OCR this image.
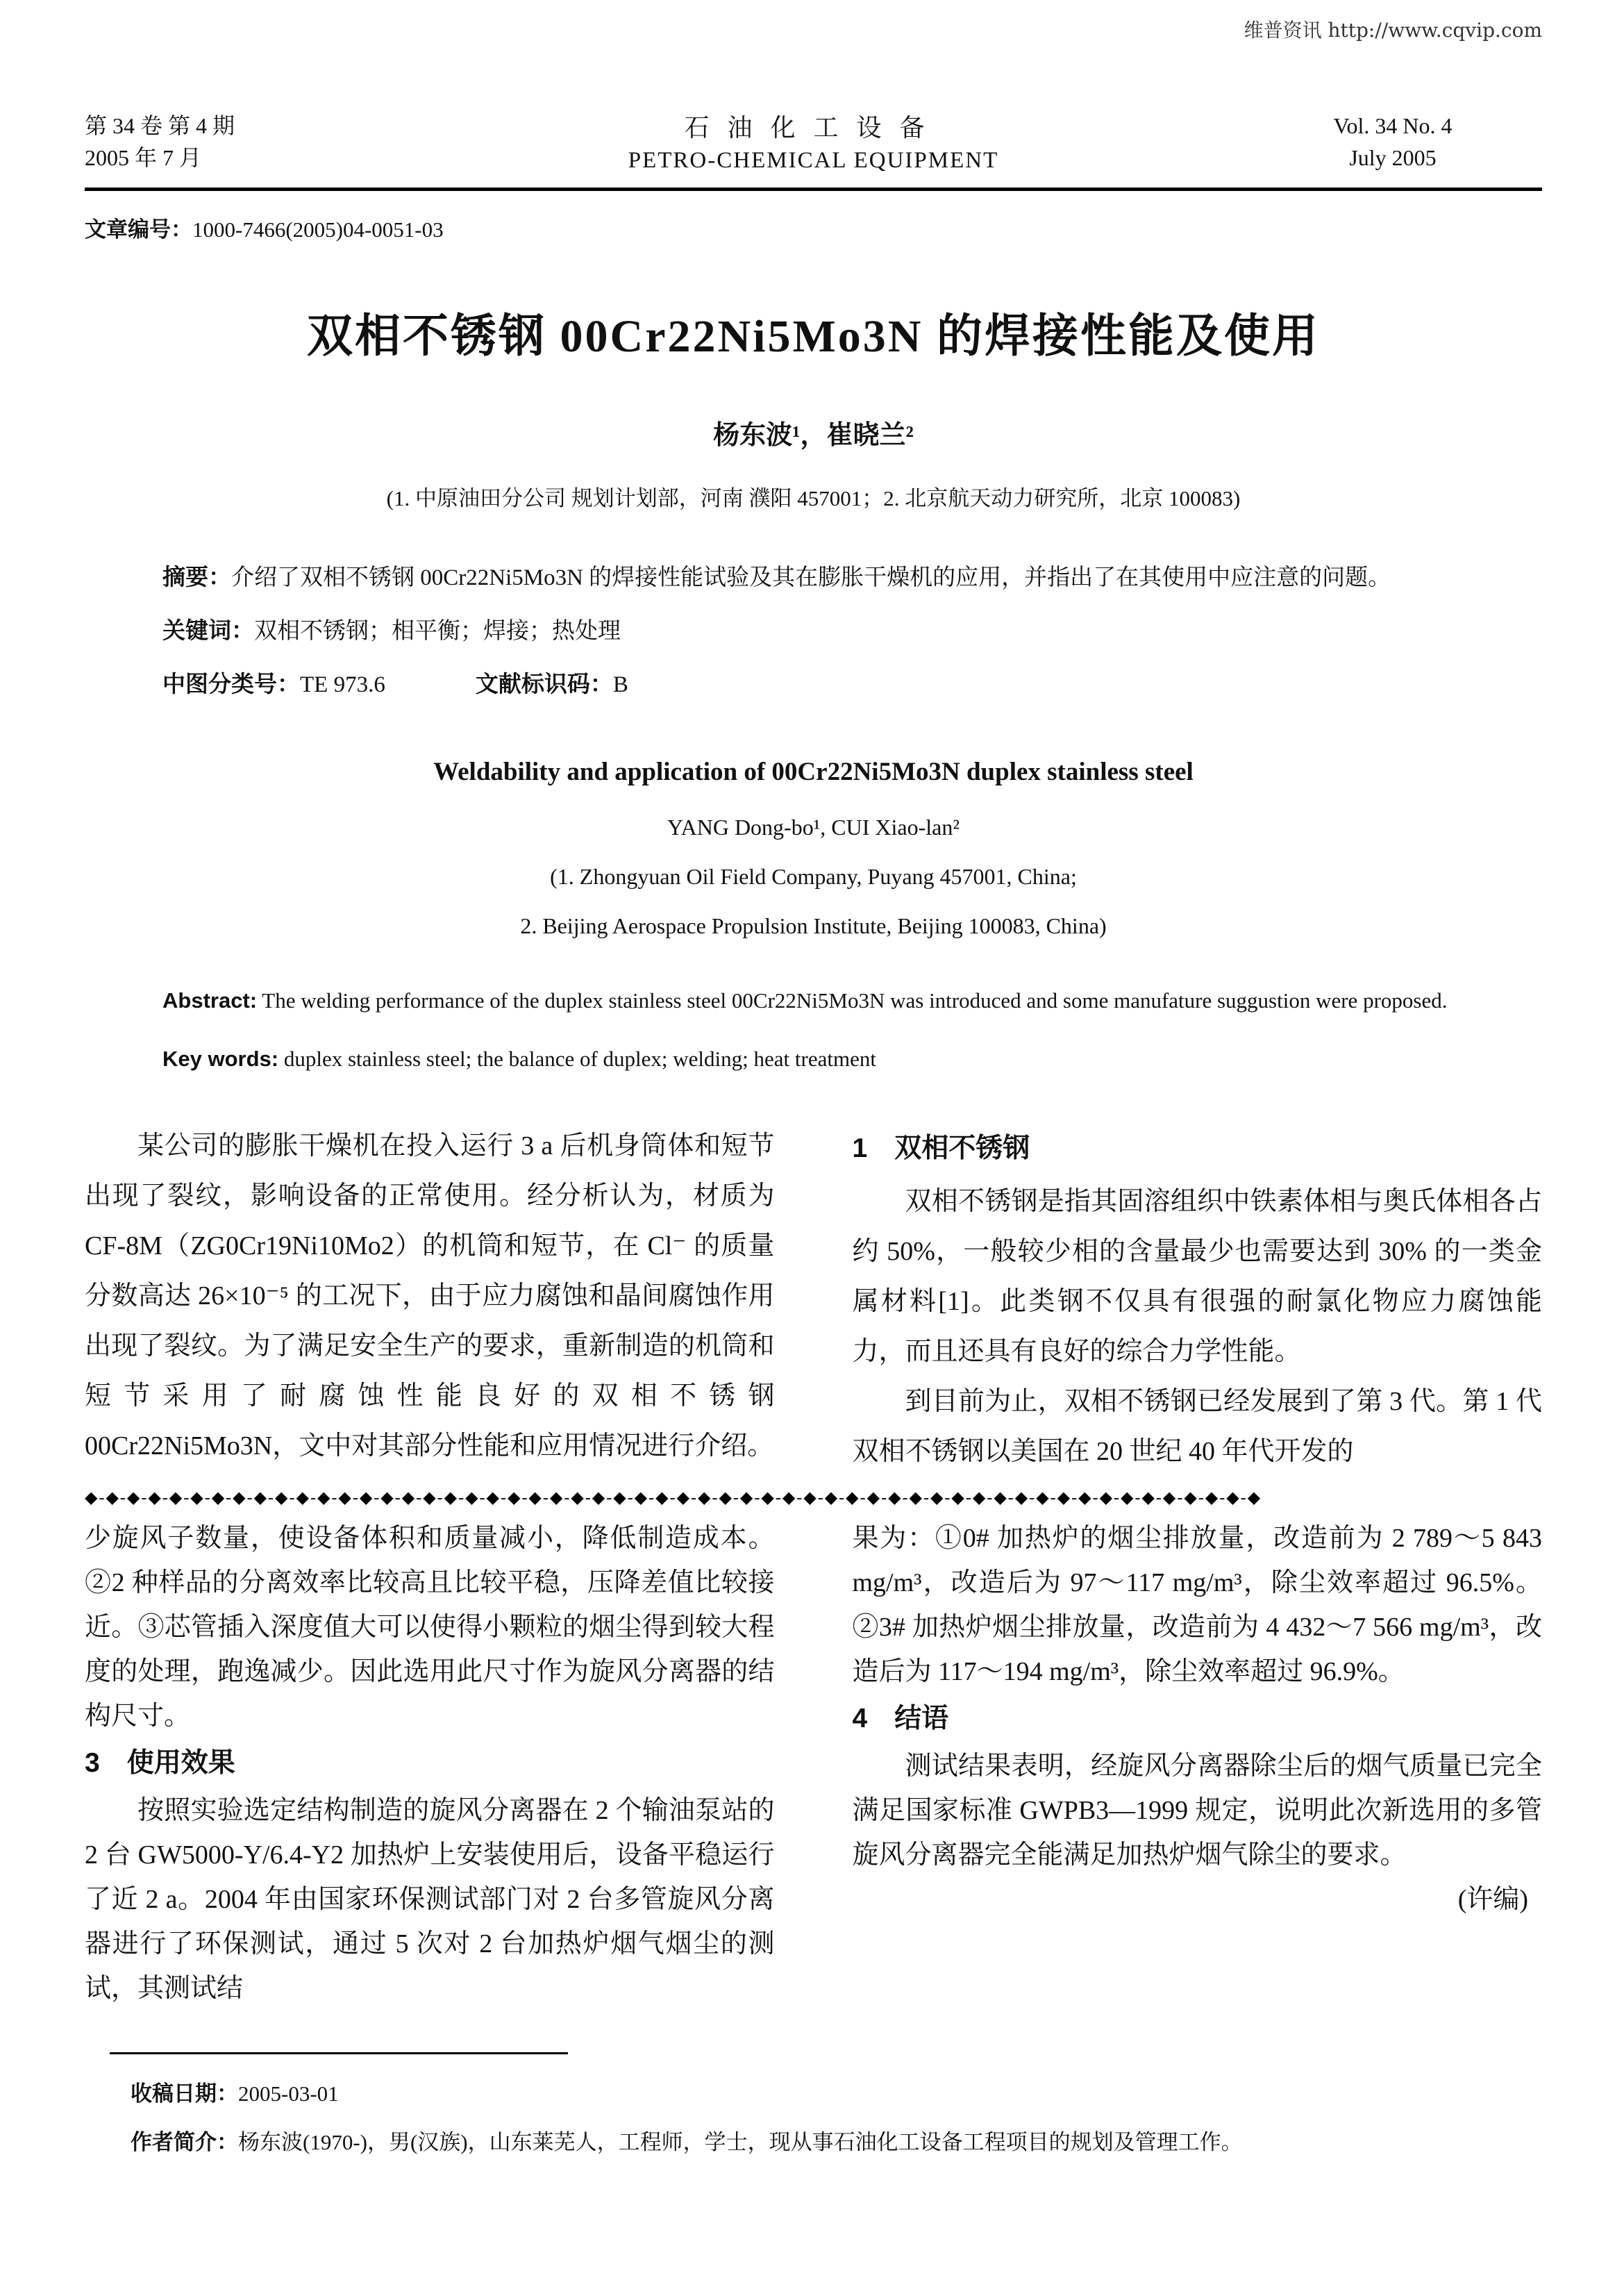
维普资讯 http://www.cqvip.com
第 34 卷 第 4 期
2005 年 7 月
石油化工设备
PETRO-CHEMICAL EQUIPMENT
Vol. 34 No. 4
July 2005

文章编号：1000-7466(2005)04-0051-03

双相不锈钢 00Cr22Ni5Mo3N 的焊接性能及使用

杨东波¹，崔晓兰²

(1. 中原油田分公司 规划计划部，河南 濮阳 457001；2. 北京航天动力研究所，北京 100083)

摘要：介绍了双相不锈钢 00Cr22Ni5Mo3N 的焊接性能试验及其在膨胀干燥机的应用，并指出了在其使用中应注意的问题。

关键词：双相不锈钢；相平衡；焊接；热处理

中图分类号：TE 973.6	文献标识码：B

Weldability and application of 00Cr22Ni5Mo3N duplex stainless steel

YANG Dong-bo¹, CUI Xiao-lan²

(1. Zhongyuan Oil Field Company, Puyang 457001, China;

2. Beijing Aerospace Propulsion Institute, Beijing 100083, China)

Abstract: The welding performance of the duplex stainless steel 00Cr22Ni5Mo3N was introduced and some manufature suggustion were proposed.

Key words: duplex stainless steel; the balance of duplex; welding; heat treatment

某公司的膨胀干燥机在投入运行 3 a 后机身筒体和短节出现了裂纹，影响设备的正常使用。经分析认为，材质为 CF-8M（ZG0Cr19Ni10Mo2）的机筒和短节，在 Cl⁻ 的质量分数高达 26×10⁻⁵ 的工况下，由于应力腐蚀和晶间腐蚀作用出现了裂纹。为了满足安全生产的要求，重新制造的机筒和短节采用了耐腐蚀性能良好的双相不锈钢 00Cr22Ni5Mo3N，文中对其部分性能和应用情况进行介绍。

1　双相不锈钢

双相不锈钢是指其固溶组织中铁素体相与奥氏体相各占约 50%，一般较少相的含量最少也需要达到 30% 的一类金属材料[1]。此类钢不仅具有很强的耐氯化物应力腐蚀能力，而且还具有良好的综合力学性能。

到目前为止，双相不锈钢已经发展到了第 3 代。第 1 代双相不锈钢以美国在 20 世纪 40 年代开发的

◆-◆-◆-◆-◆-◆-◆-◆-◆-◆-◆-◆-◆-◆-◆-◆-◆-◆-◆-◆-◆-◆-◆-◆-◆-◆-◆-◆-◆-◆-◆-◆-◆-◆-◆-◆-◆-◆-◆-◆-◆-◆-◆-◆-◆-◆-◆-◆-◆-◆-◆-◆-◆-◆-◆-◆

少旋风子数量，使设备体积和质量减小，降低制造成本。②2 种样品的分离效率比较高且比较平稳，压降差值比较接近。③芯管插入深度值大可以使得小颗粒的烟尘得到较大程度的处理，跑逸减少。因此选用此尺寸作为旋风分离器的结构尺寸。

3　使用效果

按照实验选定结构制造的旋风分离器在 2 个输油泵站的 2 台 GW5000-Y/6.4-Y2 加热炉上安装使用后，设备平稳运行了近 2 a。2004 年由国家环保测试部门对 2 台多管旋风分离器进行了环保测试，通过 5 次对 2 台加热炉烟气烟尘的测试，其测试结

果为：①0# 加热炉的烟尘排放量，改造前为 2 789～5 843 mg/m³，改造后为 97～117 mg/m³，除尘效率超过 96.5%。②3# 加热炉烟尘排放量，改造前为 4 432～7 566 mg/m³，改造后为 117～194 mg/m³，除尘效率超过 96.9%。

4　结语

测试结果表明，经旋风分离器除尘后的烟气质量已完全满足国家标准 GWPB3—1999 规定，说明此次新选用的多管旋风分离器完全能满足加热炉烟气除尘的要求。

(许编)

收稿日期：2005-03-01

作者简介：杨东波(1970-)，男(汉族)，山东莱芜人，工程师，学士，现从事石油化工设备工程项目的规划及管理工作。
